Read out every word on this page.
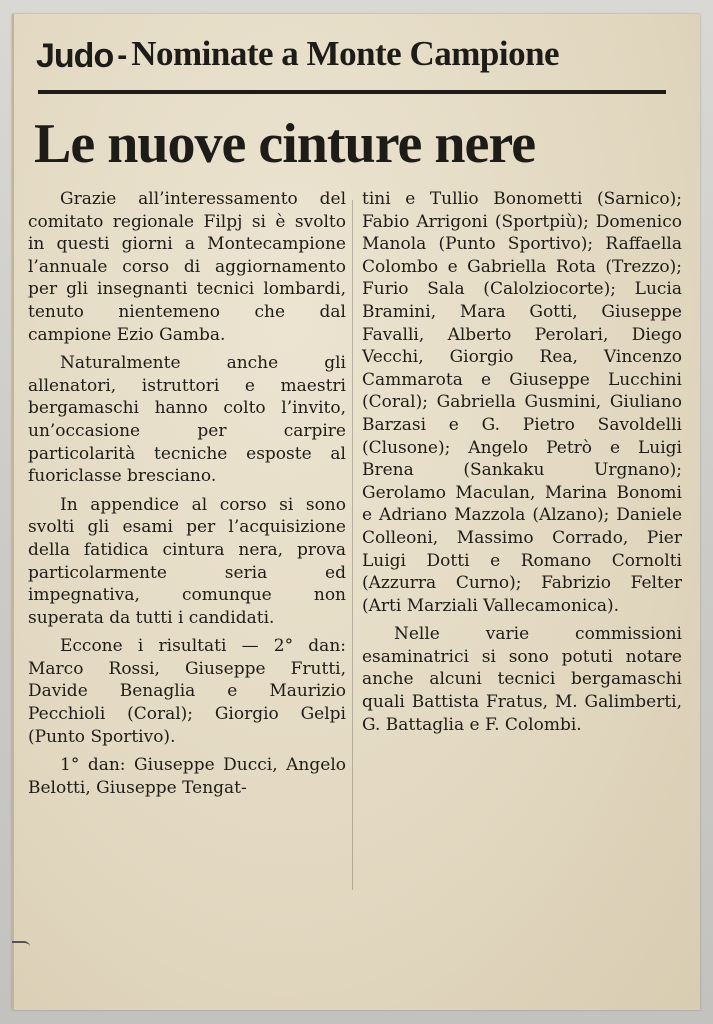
Judo - Nominate a Monte Campione
Le nuove cinture nere

Grazie all’interessamento del comitato regionale Filpj si è svolto in questi giorni a Montecampione l’annuale corso di aggiornamento per gli insegnanti tecnici lombardi, tenuto nientemeno che dal campione Ezio Gamba.

Naturalmente anche gli allenatori, istruttori e maestri bergamaschi hanno colto l’invito, un’occasione per carpire particolarità tecniche esposte al fuoriclasse bresciano.

In appendice al corso si sono svolti gli esami per l’acquisizione della fatidica cintura nera, prova particolarmente seria ed impegnativa, comunque non superata da tutti i candidati.

Eccone i risultati — 2° dan: Marco Rossi, Giuseppe Frutti, Davide Benaglia e Maurizio Pecchioli (Coral); Giorgio Gelpi (Punto Sportivo).

1° dan: Giuseppe Ducci, Angelo Belotti, Giuseppe Tengat-

tini e Tullio Bonometti (Sarnico); Fabio Arrigoni (Sportpiù); Domenico Manola (Punto Sportivo); Raffaella Colombo e Gabriella Rota (Trezzo); Furio Sala (Calolziocorte); Lucia Bramini, Mara Gotti, Giuseppe Favalli, Alberto Perolari, Diego Vecchi, Giorgio Rea, Vincenzo Cammarota e Giuseppe Lucchini (Coral); Gabriella Gusmini, Giuliano Barzasi e G. Pietro Savoldelli (Clusone); Angelo Petrò e Luigi Brena (Sankaku Urgnano); Gerolamo Maculan, Marina Bonomi e Adriano Mazzola (Alzano); Daniele Colleoni, Massimo Corrado, Pier Luigi Dotti e Romano Cornolti (Azzurra Curno); Fabrizio Felter (Arti Marziali Vallecamonica).

Nelle varie commissioni esaminatrici si sono potuti notare anche alcuni tecnici bergamaschi quali Battista Fratus, M. Galimberti, G. Battaglia e F. Colombi.
